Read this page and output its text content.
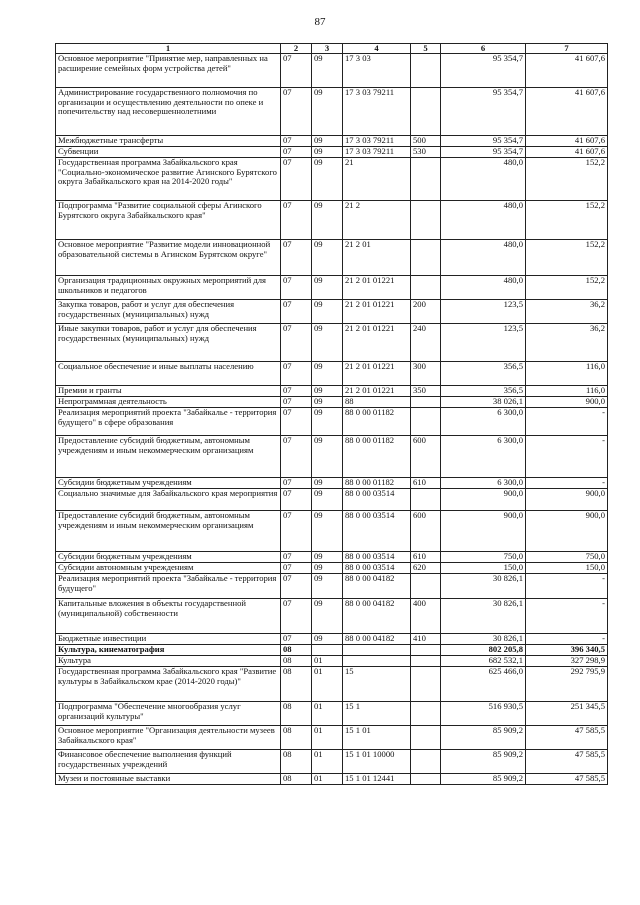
87
1	2	3	4	5	6	7
Основное мероприятие "Принятие мер, направленных на расширение семейных форм устройства детей"	07	09	17 3 03		95 354,7	41 607,6
Администрирование государственного полномочия по организации и осуществлению деятельности по опеке и попечительству над несовершеннолетними	07	09	17 3 03 79211		95 354,7	41 607,6
Межбюджетные трансферты	07	09	17 3 03 79211	500	95 354,7	41 607,6
Субвенции	07	09	17 3 03 79211	530	95 354,7	41 607,6
Государственная программа Забайкальского края "Социально-экономическое развитие Агинского Бурятского округа Забайкальского края на 2014-2020 годы"	07	09	21		480,0	152,2
Подпрограмма "Развитие социальной сферы Агинского Бурятского округа Забайкальского края"	07	09	21 2		480,0	152,2
Основное мероприятие "Развитие модели инновационной образовательной системы в Агинском Бурятском округе"	07	09	21 2 01		480,0	152,2
Организация традиционных окружных мероприятий для школьников и педагогов	07	09	21 2 01 01221		480,0	152,2
Закупка товаров, работ и услуг для обеспечения государственных (муниципальных) нужд	07	09	21 2 01 01221	200	123,5	36,2
Иные закупки товаров, работ и услуг для обеспечения государственных (муниципальных) нужд	07	09	21 2 01 01221	240	123,5	36,2
Социальное обеспечение и иные выплаты населению	07	09	21 2 01 01221	300	356,5	116,0
Премии и гранты	07	09	21 2 01 01221	350	356,5	116,0
Непрограммная деятельность	07	09	88		38 026,1	900,0
Реализация мероприятий проекта "Забайкалье - территория будущего" в сфере образования	07	09	88 0 00 01182		6 300,0	-
Предоставление субсидий бюджетным, автономным учреждениям и иным некоммерческим организациям	07	09	88 0 00 01182	600	6 300,0	-
Субсидии бюджетным учреждениям	07	09	88 0 00 01182	610	6 300,0	-
Социально значимые для Забайкальского края мероприятия	07	09	88 0 00 03514		900,0	900,0
Предоставление субсидий бюджетным, автономным учреждениям и иным некоммерческим организациям	07	09	88 0 00 03514	600	900,0	900,0
Субсидии бюджетным учреждениям	07	09	88 0 00 03514	610	750,0	750,0
Субсидии автономным учреждениям	07	09	88 0 00 03514	620	150,0	150,0
Реализация мероприятий проекта "Забайкалье - территория будущего"	07	09	88 0 00 04182		30 826,1	-
Капитальные вложения в объекты государственной (муниципальной) собственности	07	09	88 0 00 04182	400	30 826,1	-
Бюджетные инвестиции	07	09	88 0 00 04182	410	30 826,1	-
Культура, кинематография	08				802 205,8	396 340,5
Культура	08	01			682 532,1	327 298,9
Государственная программа Забайкальского края "Развитие культуры в Забайкальском крае (2014-2020 годы)"	08	01	15		625 466,0	292 795,9
Подпрограмма "Обеспечение многообразия услуг организаций культуры"	08	01	15 1		516 930,5	251 345,5
Основное мероприятие "Организация деятельности музеев Забайкальского края"	08	01	15 1 01		85 909,2	47 585,5
Финансовое обеспечение выполнения функций государственных учреждений	08	01	15 1 01 10000		85 909,2	47 585,5
Музеи и постоянные выставки	08	01	15 1 01 12441		85 909,2	47 585,5
